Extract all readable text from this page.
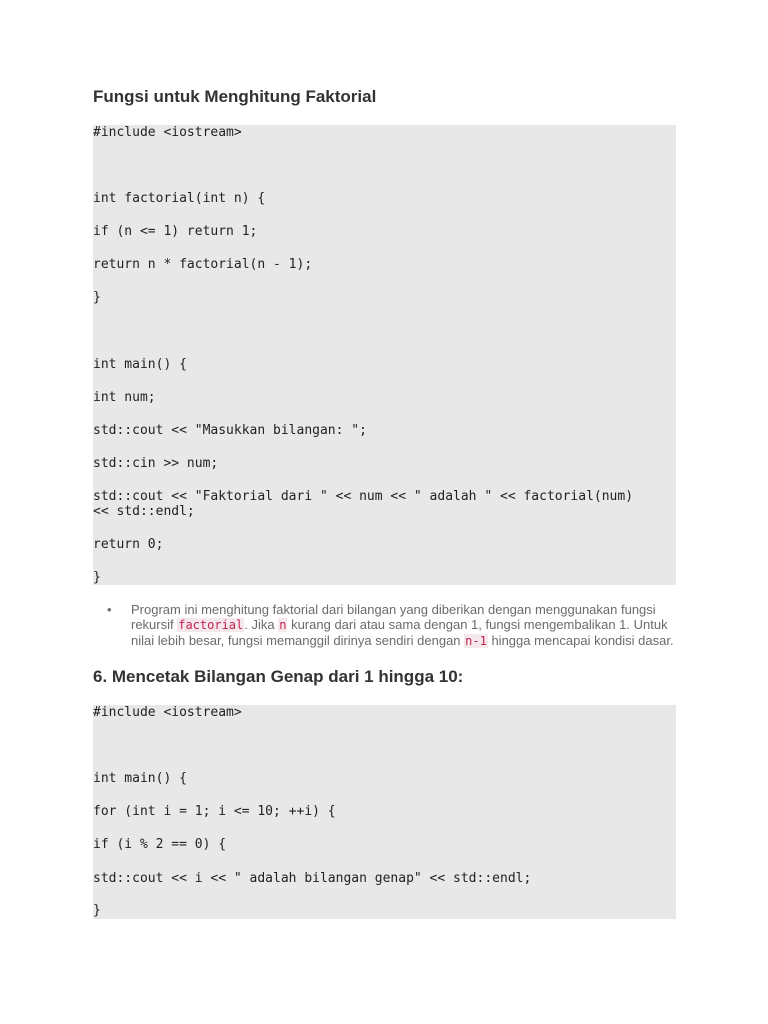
Fungsi untuk Menghitung Faktorial
#include <iostream>
int factorial(int n) {
if (n <= 1) return 1;
return n * factorial(n - 1);
}
int main() {
int num;
std::cout << "Masukkan bilangan: ";
std::cin >> num;
std::cout << "Faktorial dari " << num << " adalah " << factorial(num)
<< std::endl;
return 0;
}
• Program ini menghitung faktorial dari bilangan yang diberikan dengan menggunakan fungsi rekursif factorial. Jika n kurang dari atau sama dengan 1, fungsi mengembalikan 1. Untuk nilai lebih besar, fungsi memanggil dirinya sendiri dengan n-1 hingga mencapai kondisi dasar.
6. Mencetak Bilangan Genap dari 1 hingga 10:
#include <iostream>
int main() {
for (int i = 1; i <= 10; ++i) {
if (i % 2 == 0) {
std::cout << i << " adalah bilangan genap" << std::endl;
}
